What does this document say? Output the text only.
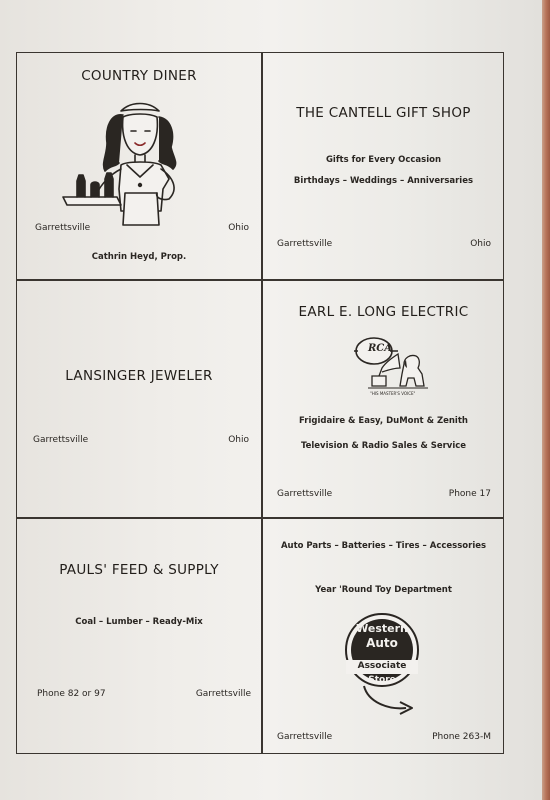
COUNTRY DINER
Garrettsville	Ohio
Cathrin Heyd, Prop.
THE CANTELL GIFT SHOP
Gifts for Every Occasion
Birthdays – Weddings – Anniversaries
Garrettsville	Ohio
LANSINGER JEWELER
Garrettsville	Ohio
EARL E. LONG ELECTRIC
RCA
"HIS MASTER'S VOICE"
Frigidaire & Easy, DuMont & Zenith
Television & Radio Sales & Service
Garrettsville	Phone 17
PAULS' FEED & SUPPLY
Coal – Lumber – Ready-Mix
Phone 82 or 97	Garrettsville
Auto Parts – Batteries – Tires – Accessories
Year 'Round Toy Department
Western
Auto
Associate
Store
Garrettsville	Phone 263-M
